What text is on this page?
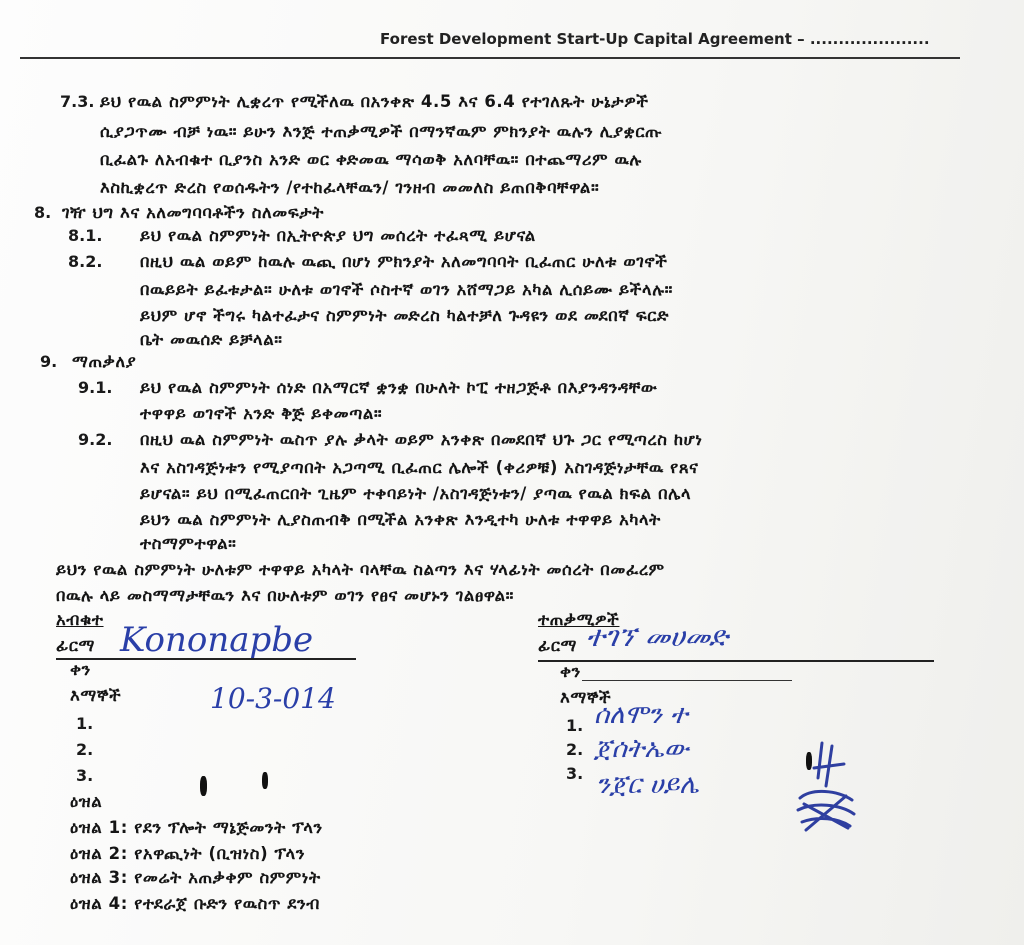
Forest Development Start-Up Capital Agreement – .....................
7.3. ይህ የዉል ስምምነት ሊቋረጥ የሚችለዉ በአንቀጽ 4.5 እና 6.4 የተገለጹት ሁኔታዎች
ሲያጋጥሙ ብቻ ነዉ። ይሁን እንጅ ተጠቃሚዎች በማንኛዉም ምክንያት ዉሉን ሊያቋርጡ
ቢፈልጉ ለአብቁተ ቢያንስ አንድ ወር ቀድመዉ ማሳወቅ አለባቸዉ። በተጨማሪም ዉሉ
እስኪቋረጥ ድረስ የወሰዱትን /የተከፈላቸዉን/ ገንዘብ መመለስ ይጠበቅባቸዋል።
8. ገዥ ህግ እና አለመግባባቶችን ስለመፍታት
8.1. ይህ የዉል ስምምነት በኢትዮጵያ ህግ መሰረት ተፈጻሚ ይሆናል
8.2. በዚህ ዉል ወይም ከዉሉ ዉጪ በሆነ ምክንያት አለመግባባት ቢፈጠር ሁለቱ ወገኖች
በዉይይት ይፈቱታል። ሁለቱ ወገኖች ሶስተኛ ወገን አሸማጋይ አካል ሊሰይሙ ይችላሉ።
ይህም ሆኖ ችግሩ ካልተፈታና ስምምነት መድረስ ካልተቻለ ጉዳዩን ወደ መደበኛ ፍርድ
ቤት መዉሰድ ይቻላል።
9. ማጠቃለያ
9.1. ይህ የዉል ስምምነት ሰነድ በአማርኛ ቋንቋ በሁለት ኮፒ ተዘጋጅቶ በእያንዳንዳቸው
ተዋዋይ ወገኖች አንድ ቅጅ ይቀመጣል።
9.2. በዚህ ዉል ስምምነት ዉስጥ ያሉ ቃላት ወይም አንቀጽ በመደበኛ ህጉ ጋር የሚጣረስ ከሆነ
እና አስገዳጅነቱን የሚያጣበት አጋጣሚ ቢፈጠር ሌሎች (ቀሪዎቹ) አስገዳጅነታቸዉ የጸና
ይሆናል። ይህ በሚፈጠርበት ጊዜም ተቀባይነት /አስገዳጅነቱን/ ያጣዉ የዉል ክፍል በሌላ
ይህን ዉል ስምምነት ሊያስጠብቅ በሚችል አንቀጽ እንዲተካ ሁለቱ ተዋዋይ አካላት
ተስማምተዋል።
ይህን የዉል ስምምነት ሁለቱም ተዋዋይ አካላት ባላቸዉ ስልጣን እና ሃላፊነት መሰረት በመፈረም
በዉሉ ላይ መስማማታቸዉን እና በሁለቱም ወገን የፀና መሆኑን ገልፀዋል።
አብቁተ
ፊርማ Kononapbe
ቀን
10-3-014
እማኞች
1.
2.
3.
ተጠቃሚዎች
ፊርማ ተገኘ መሀመድ
ቀን
እማኞች
1.
2.
3.
ሰለሞን ተ
ጀሰትኤው
ንጀር ሀይሌ
ዕዝል
ዕዝል 1: የደን ፕሎት ማኔጅመንት ፕላን
ዕዝል 2: የአዋጪነት (ቢዝነስ) ፕላን
ዕዝል 3: የመሬት አጠቃቀም ስምምነት
ዕዝል 4: የተደራጀ ቡድን የዉስጥ ደንብ
